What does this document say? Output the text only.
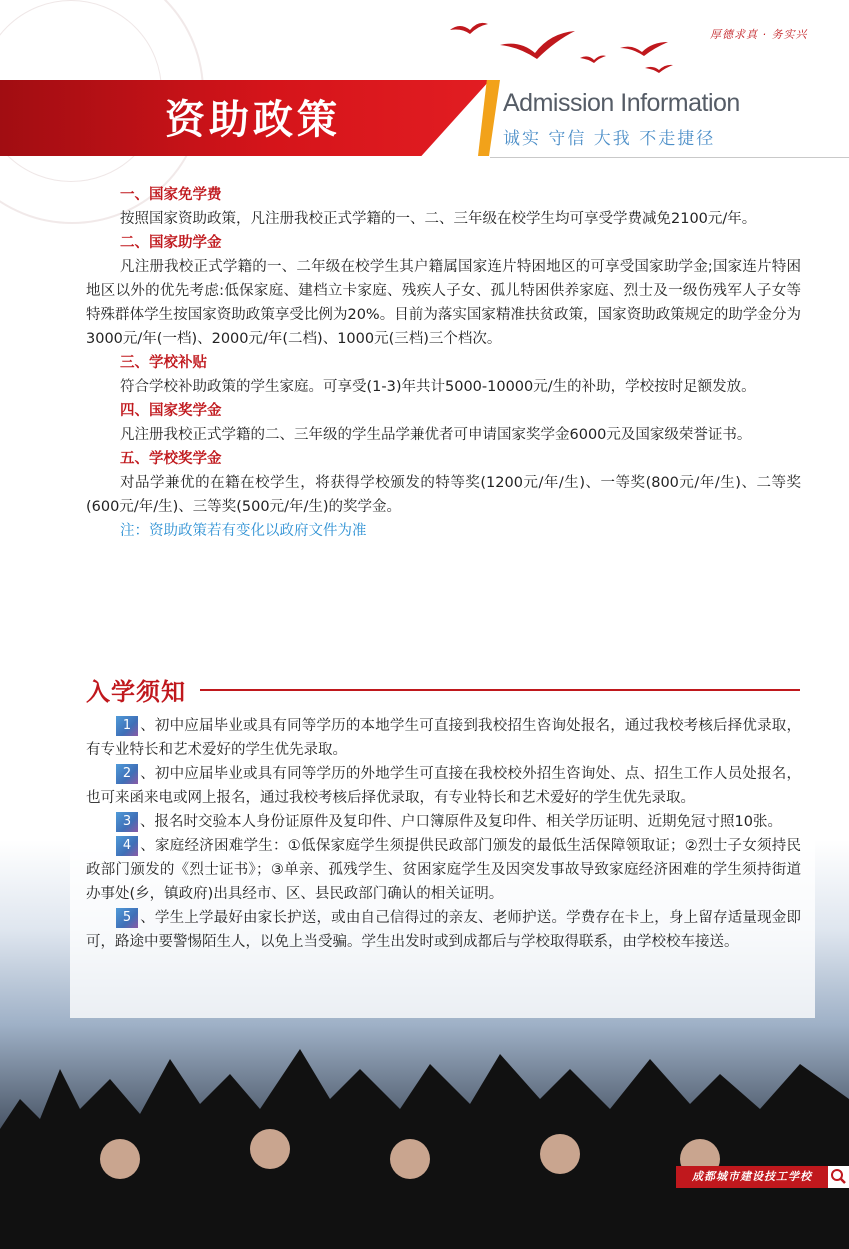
厚德求真 · 务实兴
资助政策	Admission Information
诚实 守信 大我 不走捷径
一、国家免学费

按照国家资助政策，凡注册我校正式学籍的一、二、三年级在校学生均可享受学费减免2100元/年。

二、国家助学金

凡注册我校正式学籍的一、二年级在校学生其户籍属国家连片特困地区的可享受国家助学金;国家连片特困地区以外的优先考虑:低保家庭、建档立卡家庭、残疾人子女、孤儿特困供养家庭、烈士及一级伤残军人子女等特殊群体学生按国家资助政策享受比例为20%。目前为落实国家精准扶贫政策，国家资助政策规定的助学金分为3000元/年(一档)、2000元/年(二档)、1000元(三档)三个档次。

三、学校补贴

符合学校补助政策的学生家庭。可享受(1-3)年共计5000-10000元/生的补助，学校按时足额发放。

四、国家奖学金

凡注册我校正式学籍的二、三年级的学生品学兼优者可申请国家奖学金6000元及国家级荣誉证书。

五、学校奖学金

对品学兼优的在籍在校学生，将获得学校颁发的特等奖(1200元/年/生)、一等奖(800元/年/生)、二等奖(600元/年/生)、三等奖(500元/年/生)的奖学金。

注：资助政策若有变化以政府文件为准
入学须知

1 、初中应届毕业或具有同等学历的本地学生可直接到我校招生咨询处报名，通过我校考核后择优录取，有专业特长和艺术爱好的学生优先录取。

2 、初中应届毕业或具有同等学历的外地学生可直接在我校校外招生咨询处、点、招生工作人员处报名，也可来函来电或网上报名，通过我校考核后择优录取，有专业特长和艺术爱好的学生优先录取。

3 、报名时交验本人身份证原件及复印件、户口簿原件及复印件、相关学历证明、近期免冠寸照10张。

4 、家庭经济困难学生：①低保家庭学生须提供民政部门颁发的最低生活保障领取证；②烈士子女须持民政部门颁发的《烈士证书》；③单亲、孤残学生、贫困家庭学生及因突发事故导致家庭经济困难的学生须持街道办事处(乡，镇政府)出具经市、区、县民政部门确认的相关证明。

5 、学生上学最好由家长护送，或由自己信得过的亲友、老师护送。学费存在卡上，身上留存适量现金即可，路途中要警惕陌生人，以免上当受骗。学生出发时或到成都后与学校取得联系，由学校校车接送。

成都城市建设技工学校
